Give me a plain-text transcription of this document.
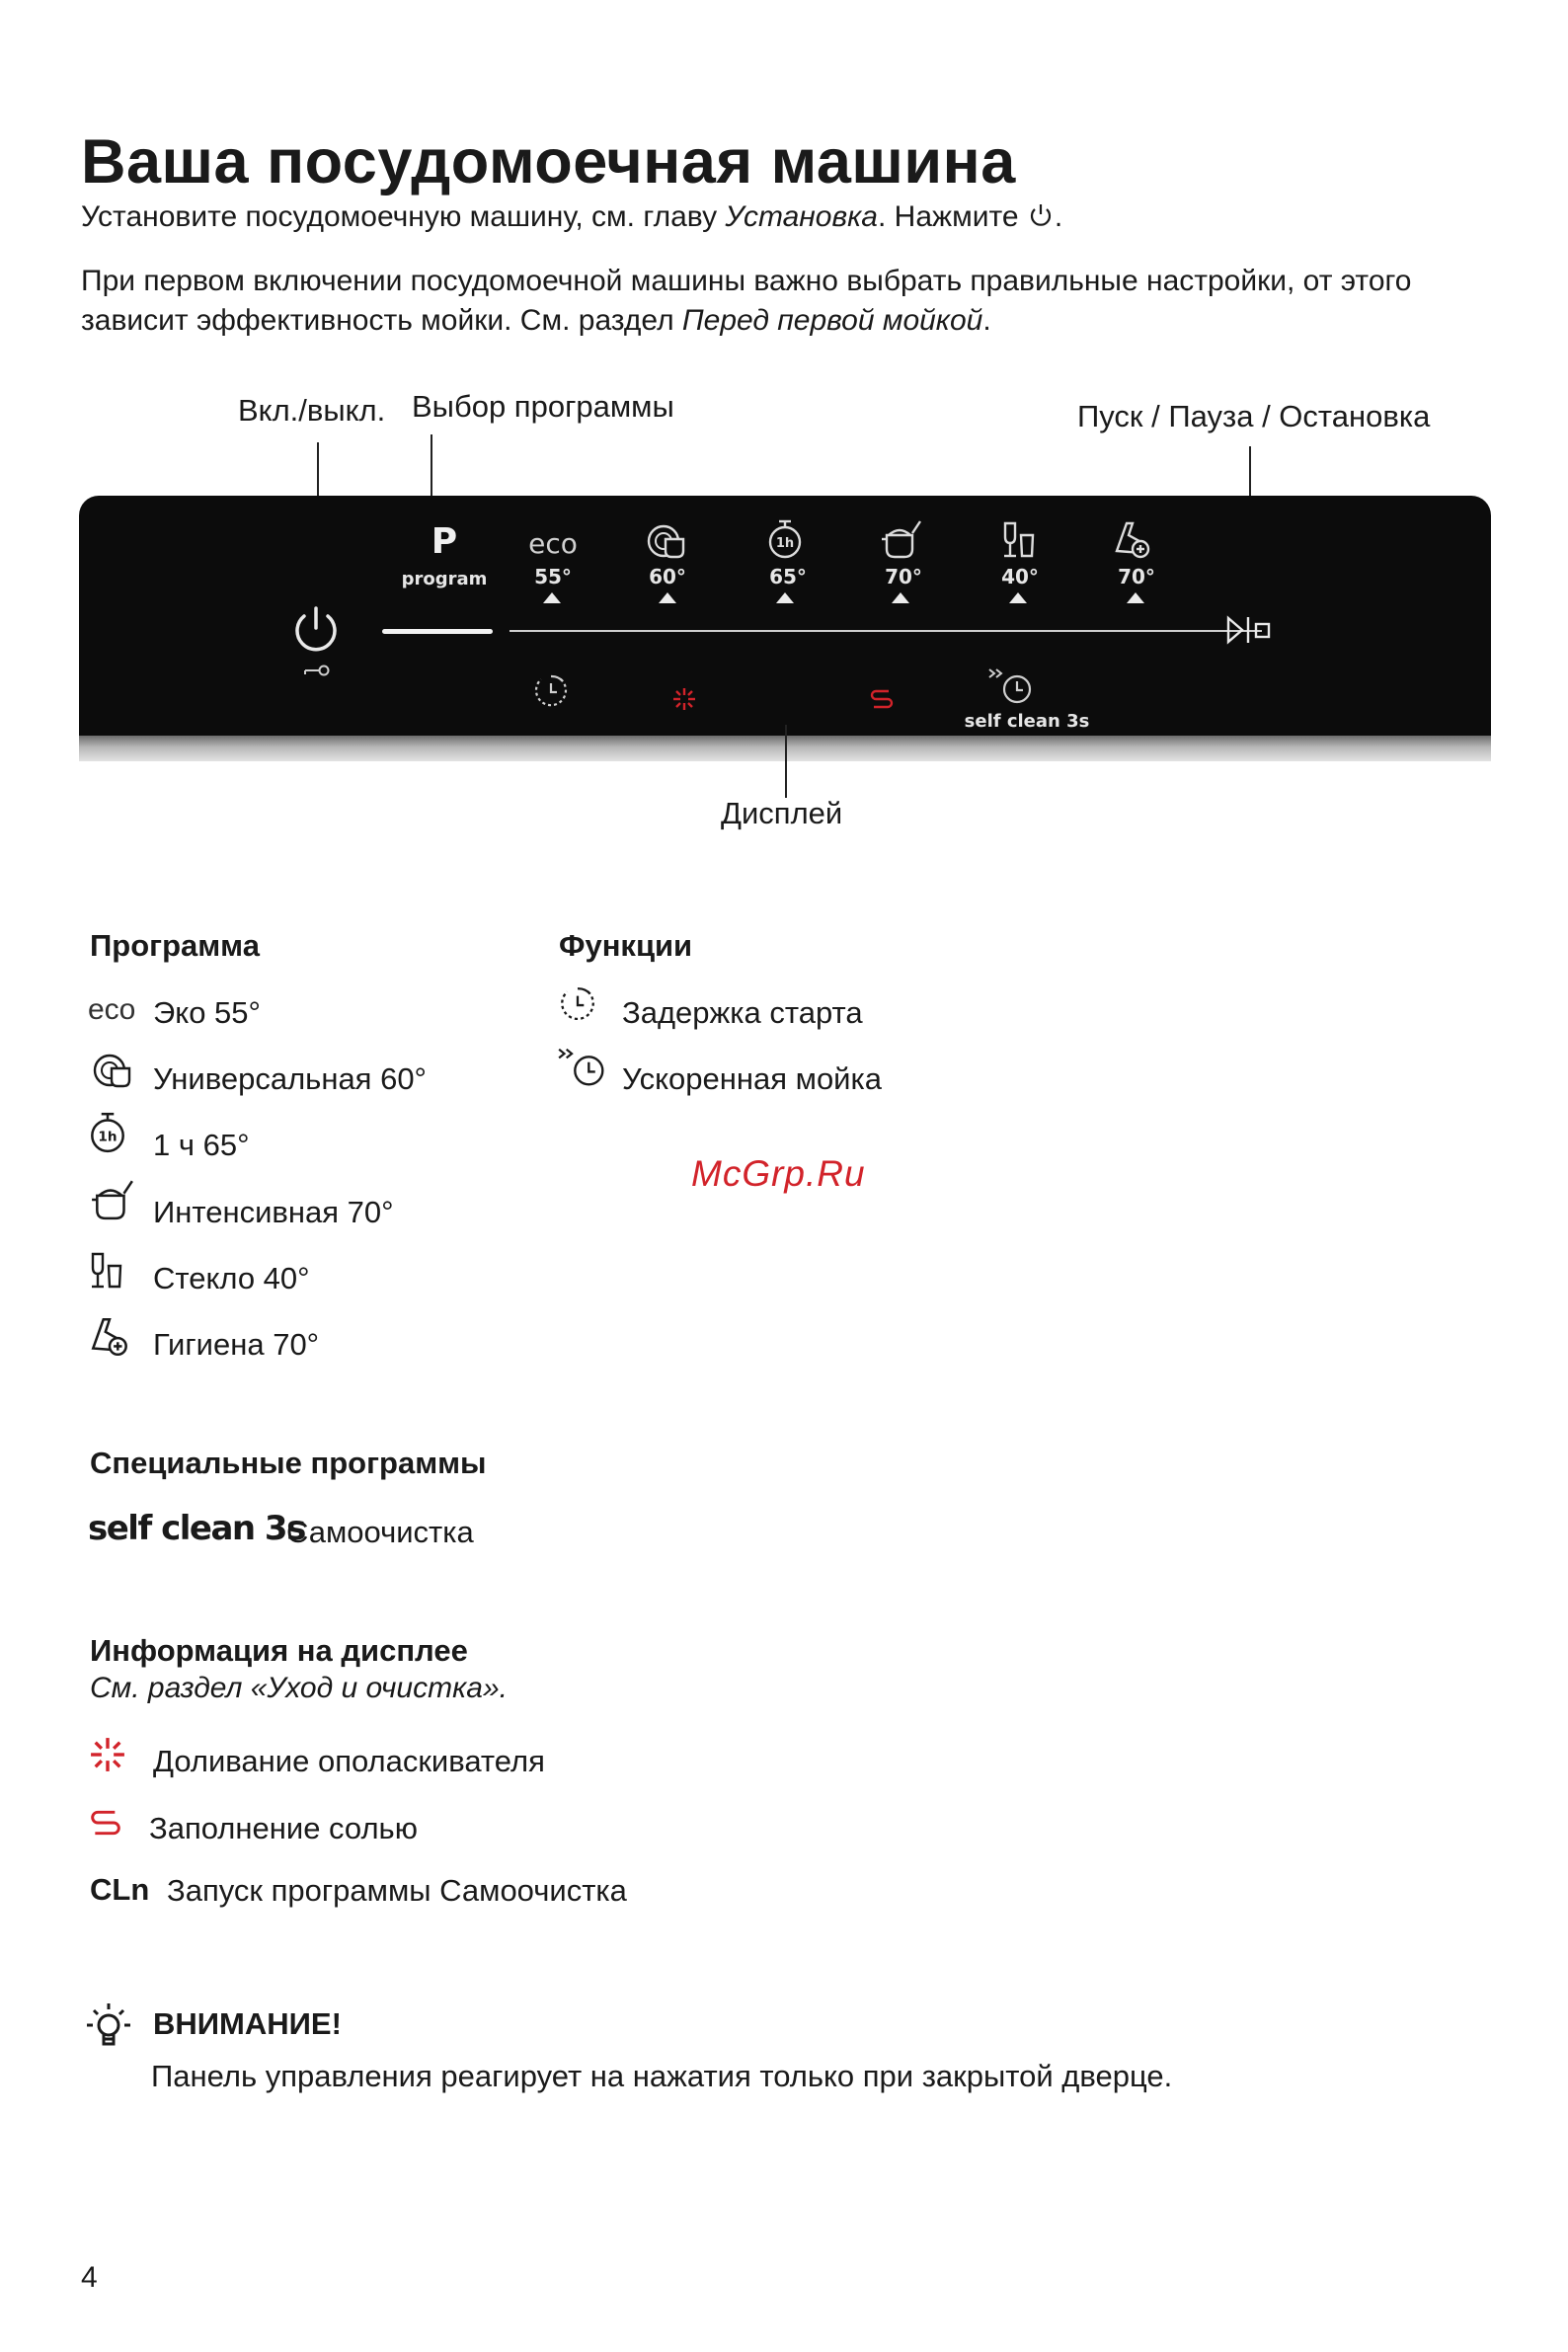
Ваша посудомоечная машина
Установите посудомоечную машину, см. главу Установка. Нажмите .
При первом включении посудомоечной машины важно выбрать правильные настройки, от этого зависит эффективность мойки. См. раздел Перед первой мойкой.
Вкл./выкл. Выбор программы	Пуск / Пауза / Остановка
P
program
eco	1h
55°	60°	65°	70°	40°	70°
self clean 3s
Дисплей
Программа
eco Эко 55°
Универсальная 60°
1h 1 ч 65°
Интенсивная 70°
Стекло 40°
Гигиена 70°
Функции
Задержка старта
Ускоренная мойка
McGrp.Ru
Специальные программы
self clean 3s
Самоочистка
Информация на дисплее
См. раздел «Уход и очистка».
Доливание ополаскивателя
Заполнение солью
CLn Запуск программы Самоочистка
ВНИМАНИЕ!
Панель управления реагирует на нажатия только при закрытой дверце.
4
